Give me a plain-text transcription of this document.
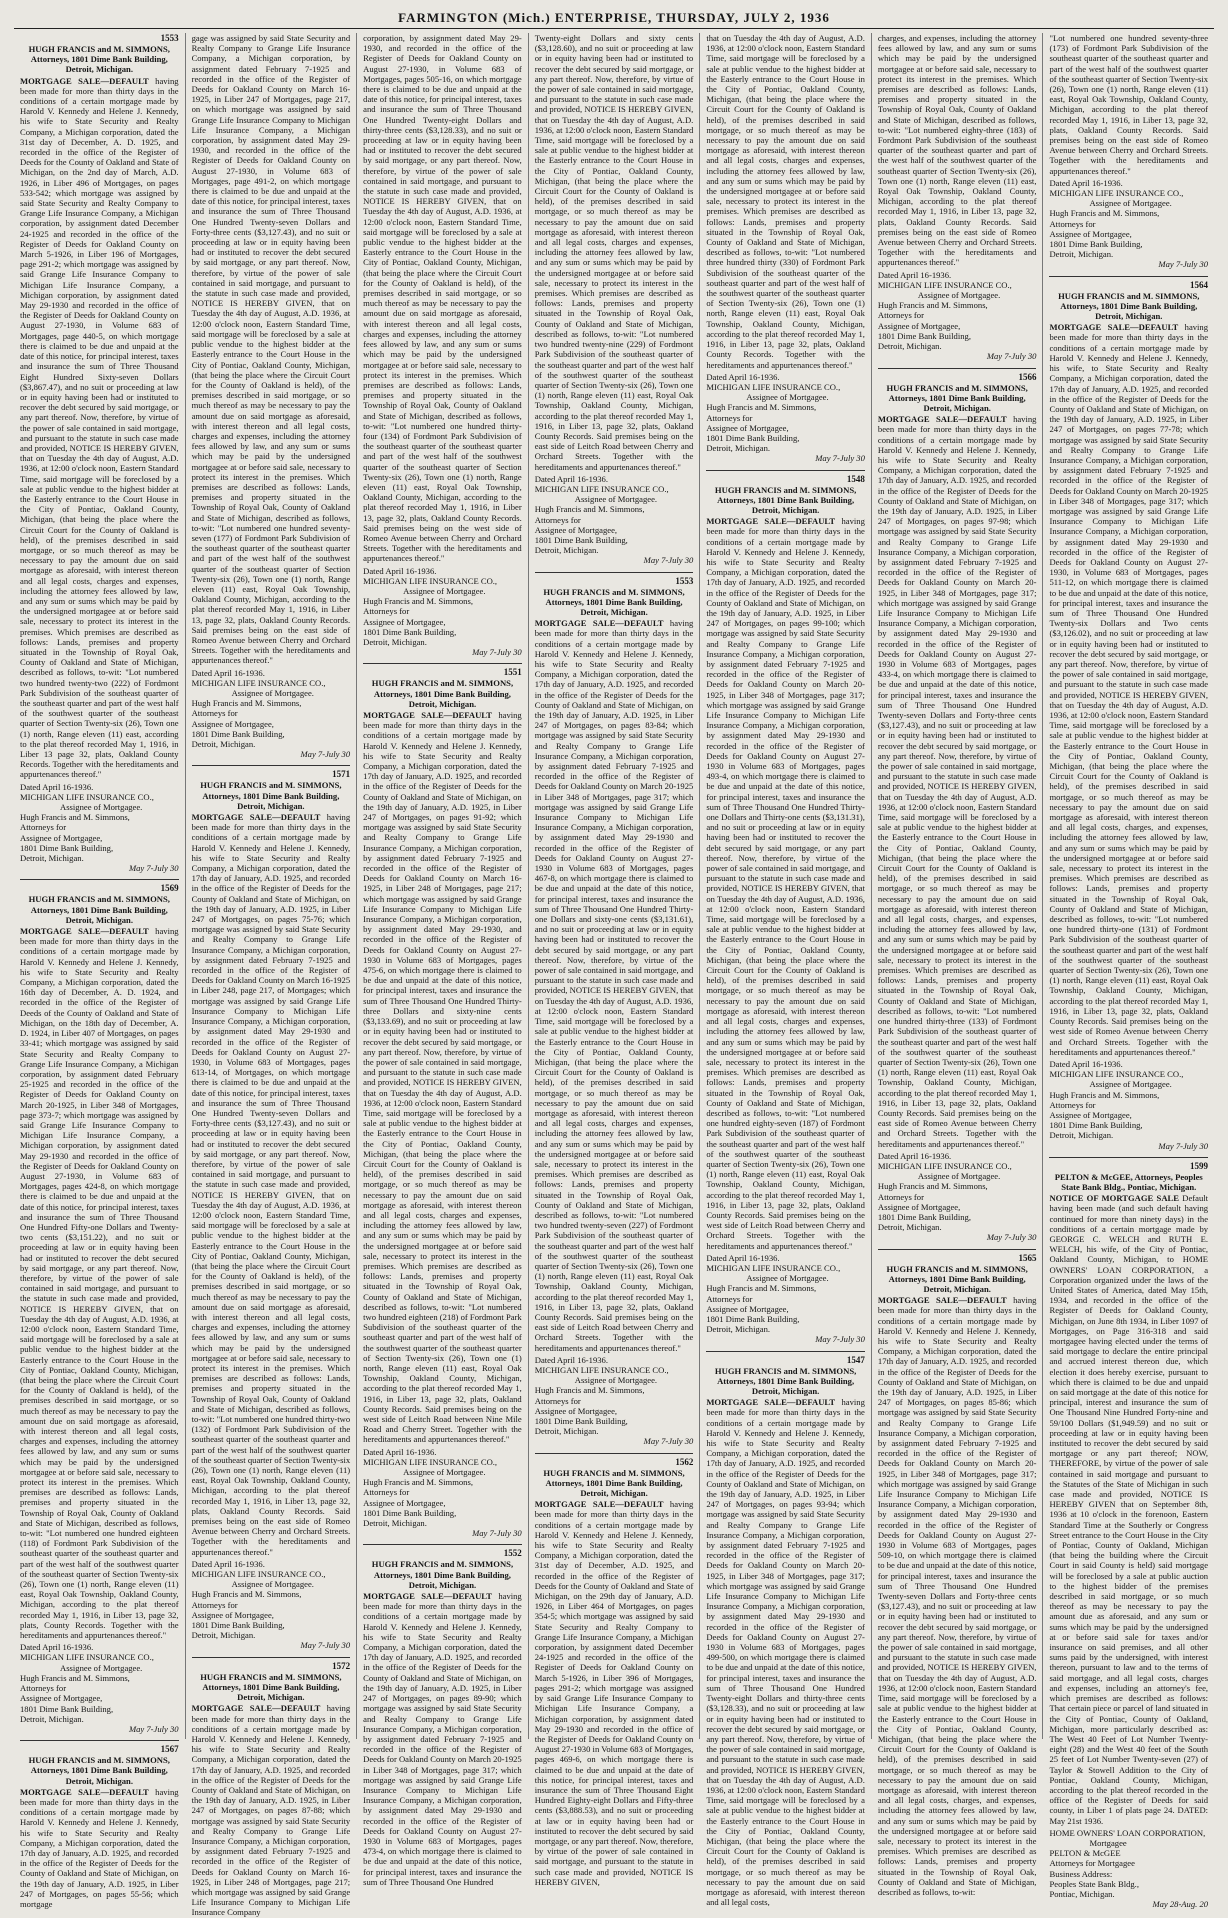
FARMINGTON (Mich.) ENTERPRISE, THURSDAY, JULY 2, 1936
1553
HUGH FRANCIS and M. SIMMONS, Attorneys, 1801 Dime Bank Building, Detroit, Michigan.

MORTGAGE SALE—DEFAULT having been made for more than thirty days in the conditions of a certain mortgage made by Harold V. Kennedy and Helene J. Kennedy, his wife to State Security and Realty Company, a Michigan corporation, dated the 31st day of December, A. D. 1925, and recorded in the office of the Register of Deeds for the County of Oakland and State of Michigan, on the 2nd day of March, A.D. 1926, in Liber 496 of Mortgages, on pages 533-542; which mortgage was assigned by said State Security and Realty Company to Grange Life Insurance Company, a Michigan corporation, by assignment dated December 24-1925 and recorded in the office of the Register of Deeds for Oakland County on March 5-1926, in Liber 196 of Mortgages, page 291-2; which mortgage was assigned by said Grange Life Insurance Company to Michigan Life Insurance Company, a Michigan corporation, by assignment dated May 29-1930 and recorded in the office of the Register of Deeds for Oakland County on August 27-1930, in Volume 683 of Mortgages, page 440-5, on which mortgage there is claimed to be due and unpaid at the date of this notice, for principal interest, taxes and insurance the sum of Three Thousand Eight Hundred Sixty-seven Dollars ($3,867.47), and no suit or proceeding at law or in equity having been had or instituted to recover the debt secured by said mortgage, or any part thereof. Now, therefore, by virtue of the power of sale contained in said mortgage, and pursuant to the statute in such case made and provided, NOTICE IS HEREBY GIVEN, that on Tuesday the 4th day of August, A.D. 1936, at 12:00 o'clock noon, Eastern Standard Time, said mortgage will be foreclosed by a sale at public vendue to the highest bidder at the Easterly entrance to the Court House in the City of Pontiac, Oakland County, Michigan, (that being the place where the Circuit Court for the County of Oakland is held), of the premises described in said mortgage, or so much thereof as may be necessary to pay the amount due on said mortgage as aforesaid, with interest thereon and all legal costs, charges and expenses, including the attorney fees allowed by law, and any sum or sums which may be paid by the undersigned mortgagee at or before said sale, necessary to protect its interest in the premises. Which premises are described as follows: Lands, premises and property situated in the Township of Royal Oak, County of Oakland and State of Michigan, described as follows, to-wit: "Lot numbered two hundred twenty-two (222) of Fordmont Park Subdivision of the southeast quarter of the southeast quarter and part of the west half of the southwest quarter of the southeast quarter of Section Twenty-six (26), Town one (1) north, Range eleven (11) east, according to the plat thereof recorded May 1, 1916, in Liber 13 page 32, plats, Oakland County Records. Together with the hereditaments and appurtenances thereof."

Dated April 16-1936.
MICHIGAN LIFE INSURANCE CO.,
Assignee of Mortgagee.
Hugh Francis and M. Simmons,
Attorneys for
Assignee of Mortgagee,
1801 Dime Bank Building,
Detroit, Michigan.
May 7-July 30
1569
HUGH FRANCIS and M. SIMMONS, Attorneys, 1801 Dime Bank Building, Detroit, Michigan.

MORTGAGE SALE—DEFAULT having been made for more than thirty days in the conditions of a certain mortgage made by Harold V. Kennedy and Helene J. Kennedy, his wife to State Security and Realty Company, a Michigan corporation, dated the 16th day of December, A. D. 1924, and recorded in the office of the Register of Deeds of the County of Oakland and State of Michigan, on the 18th day of December, A. D. 1924, in Liber 407 of Mortgages, on pages 33-41; which mortgage was assigned by said State Security and Realty Company to Grange Life Insurance Company, a Michigan corporation, by assignment dated February 25-1925 and recorded in the office of the Register of Deeds for Oakland County on March 20-1925, in Liber 348 of Mortgages, page 373-7; which mortgage was assigned by said Grange Life Insurance Company to Michigan Life Insurance Company, a Michigan corporation, by assignment dated May 29-1930 and recorded in the office of the Register of Deeds for Oakland County on August 27-1930, in Volume 683 of Mortgages, pages 424-8, on which mortgage there is claimed to be due and unpaid at the date of this notice, for principal interest, taxes and insurance the sum of Three Thousand One Hundred Fifty-one Dollars and Twenty-two cents ($3,151.22), and no suit or proceeding at law or in equity having been had or instituted to recover the debt secured by said mortgage, or any part thereof. Now, therefore, by virtue of the power of sale contained in said mortgage, and pursuant to the statute in such case made and provided, NOTICE IS HEREBY GIVEN, that on Tuesday the 4th day of August, A.D. 1936, at 12:00 o'clock noon, Eastern Standard Time, said mortgage will be foreclosed by a sale at public vendue to the highest bidder at the Easterly entrance to the Court House in the City of Pontiac, Oakland County, Michigan, (that being the place where the Circuit Court for the County of Oakland is held), of the premises described in said mortgage, or so much thereof as may be necessary to pay the amount due on said mortgage as aforesaid, with interest thereon and all legal costs, charges and expenses, including the attorney fees allowed by law, and any sum or sums which may be paid by the undersigned mortgagee at or before said sale, necessary to protect its interest in the premises. Which premises are described as follows: Lands, premises and property situated in the Township of Royal Oak, County of Oakland and State of Michigan, described as follows, to-wit: "Lot numbered one hundred eighteen (118) of Fordmont Park Subdivision of the southeast quarter of the southeast quarter and part of the west half of the southwest quarter of the southeast quarter of Section Twenty-six (26), Town one (1) north, Range eleven (11) east, Royal Oak Township, Oakland County, Michigan, according to the plat thereof recorded May 1, 1916, in Liber 13, page 32, plats, County Records. Together with the hereditaments and appurtenances thereof."

Dated April 16-1936.
MICHIGAN LIFE INSURANCE CO.,
Assignee of Mortgagee.
Hugh Francis and M. Simmons,
Attorneys for
Assignee of Mortgagee,
1801 Dime Bank Building,
Detroit, Michigan.
May 7-July 30
1567
HUGH FRANCIS and M. SIMMONS, Attorneys, 1801 Dime Bank Building, Detroit, Michigan.

MORTGAGE SALE—DEFAULT having been made for more than thirty days in the conditions of a certain mortgage made by Harold V. Kennedy and Helene J. Kennedy, his wife to State Security and Realty Company, a Michigan corporation, dated the 17th day of January, A.D. 1925, and recorded in the office of the Register of Deeds for the County of Oakland and State of Michigan, on the 19th day of January, A.D. 1925, in Liber 247 of Mortgages, on pages 55-56; which mortgage

gage was assigned by said State Security and Realty Company to Grange Life Insurance Company, a Michigan corporation, by assignment dated February 7-1925 and recorded in the office of the Register of Deeds for Oakland County on March 16-1925, in Liber 247 of Mortgages, page 217, on which mortgage was assigned by said Grange Life Insurance Company to Michigan Life Insurance Company, a Michigan corporation, by assignment dated May 29-1930, and recorded in the office of the Register of Deeds for Oakland County on August 27-1930, in Volume 683 of Mortgages, page 491-2, on which mortgage there is claimed to be due and unpaid at the date of this notice, for principal interest, taxes and insurance the sum of Three Thousand One Hundred Twenty-seven Dollars and Forty-three cents ($3,127.43), and no suit or proceeding at law or in equity having been had or instituted to recover the debt secured by said mortgage, or any part thereof. Now, therefore, by virtue of the power of sale contained in said mortgage, and pursuant to the statute in such case made and provided, NOTICE IS HEREBY GIVEN, that on Tuesday the 4th day of August, A.D. 1936, at 12:00 o'clock noon, Eastern Standard Time, said mortgage will be foreclosed by a sale at public vendue to the highest bidder at the Easterly entrance to the Court House in the City of Pontiac, Oakland County, Michigan, (that being the place where the Circuit Court for the County of Oakland is held), of the premises described in said mortgage, or so much thereof as may be necessary to pay the amount due on said mortgage as aforesaid, with interest thereon and all legal costs, charges and expenses, including the attorney fees allowed by law, and any sum or sums which may be paid by the undersigned mortgagee at or before said sale, necessary to protect its interest in the premises. Which premises are described as follows: Lands, premises and property situated in the Township of Royal Oak, County of Oakland and State of Michigan, described as follows, to-wit: "Lot numbered one hundred seventy-seven (177) of Fordmont Park Subdivision of the southeast quarter of the southeast quarter and part of the west half of the southwest quarter of the southeast quarter of Section Twenty-six (26), Town one (1) north, Range eleven (11) east, Royal Oak Township, Oakland County, Michigan, according to the plat thereof recorded May 1, 1916, in Liber 13, page 32, plats, Oakland County Records. Said premises being on the east side of Romeo Avenue between Cherry and Orchard Streets. Together with the hereditaments and appurtenances thereof."

Dated April 16-1936.
MICHIGAN LIFE INSURANCE CO.,
Assignee of Mortgagee.
Hugh Francis and M. Simmons,
Attorneys for
Assignee of Mortgagee,
1801 Dime Bank Building,
Detroit, Michigan.
May 7-July 30
1571
HUGH FRANCIS and M. SIMMONS, Attorneys, 1801 Dime Bank Building, Detroit, Michigan.

MORTGAGE SALE—DEFAULT having been made for more than thirty days in the conditions of a certain mortgage made by Harold V. Kennedy and Helene J. Kennedy, his wife to State Security and Realty Company, a Michigan corporation, dated the 17th day of January, A.D. 1925, and recorded in the office of the Register of Deeds for the County of Oakland and State of Michigan, on the 19th day of January, A.D. 1925, in Liber 247 of Mortgages, on pages 75-76; which mortgage was assigned by said State Security and Realty Company to Grange Life Insurance Company, a Michigan corporation, by assignment dated February 7-1925 and recorded in the office of the Register of Deeds for Oakland County on March 16-1925 in Liber 248, page 217, of Mortgages; which mortgage was assigned by said Grange Life Insurance Company to Michigan Life Insurance Company, a Michigan corporation, by assignment dated May 29-1930 and recorded in the office of the Register of Deeds for Oakland County on August 27-1930, in Volume 683 of Mortgages, pages 613-14, of Mortgages, on which mortgage there is claimed to be due and unpaid at the date of this notice, for principal interest, taxes and insurance the sum of Three Thousand One Hundred Twenty-seven Dollars and Forty-three cents ($3,127.43), and no suit or proceeding at law or in equity having been had or instituted to recover the debt secured by said mortgage, or any part thereof. Now, therefore, by virtue of the power of sale contained in said mortgage, and pursuant to the statute in such case made and provided, NOTICE IS HEREBY GIVEN, that on Tuesday the 4th day of August, A.D. 1936, at 12:00 o'clock noon, Eastern Standard Time, said mortgage will be foreclosed by a sale at public vendue to the highest bidder at the Easterly entrance to the Court House in the City of Pontiac, Oakland County, Michigan, (that being the place where the Circuit Court for the County of Oakland is held), of the premises described in said mortgage, or so much thereof as may be necessary to pay the amount due on said mortgage as aforesaid, with interest thereon and all legal costs, charges and expenses, including the attorney fees allowed by law, and any sum or sums which may be paid by the undersigned mortgagee at or before said sale, necessary to protect its interest in the premises. Which premises are described as follows: Lands, premises and property situated in the Township of Royal Oak, County of Oakland and State of Michigan, described as follows, to-wit: "Lot numbered one hundred thirty-two (132) of Fordmont Park Subdivision of the southeast quarter of the southeast quarter and part of the west half of the southwest quarter of the southeast quarter of Section Twenty-six (26), Town one (1) north, Range eleven (11) east, Royal Oak Township, Oakland County, Michigan, according to the plat thereof recorded May 1, 1916, in Liber 13, page 32, plats, Oakland County Records. Said premises being on the east side of Romeo Avenue between Cherry and Orchard Streets. Together with the hereditaments and appurtenances thereof."

Dated April 16-1936.
MICHIGAN LIFE INSURANCE CO.,
Assignee of Mortgagee.
Hugh Francis and M. Simmons,
Attorneys for
Assignee of Mortgagee,
1801 Dime Bank Building,
Detroit, Michigan.
May 7-July 30
1572
HUGH FRANCIS and M. SIMMONS, Attorneys, 1801 Dime Bank Building, Detroit, Michigan.

MORTGAGE SALE—DEFAULT having been made for more than thirty days in the conditions of a certain mortgage made by Harold V. Kennedy and Helene J. Kennedy, his wife to State Security and Realty Company, a Michigan corporation, dated the 17th day of January, A.D. 1925, and recorded in the office of the Register of Deeds for the County of Oakland and State of Michigan, on the 19th day of January, A.D. 1925, in Liber 247 of Mortgages, on pages 87-88; which mortgage was assigned by said State Security and Realty Company to Grange Life Insurance Company, a Michigan corporation, by assignment dated February 7-1925 and recorded in the office of the Register of Deeds for Oakland County on March 16-1925, in Liber 248 of Mortgages, page 217; which mortgage was assigned by said Grange Life Insurance Company to Michigan Life Insurance Company

corporation, by assignment dated May 29-1930, and recorded in the office of the Register of Deeds for Oakland County on August 27-1930, in Volume 683 of Mortgages, pages 505-16, on which mortgage there is claimed to be due and unpaid at the date of this notice, for principal interest, taxes and insurance the sum of Three Thousand One Hundred Twenty-eight Dollars and thirty-three cents ($3,128.33), and no suit or proceeding at law or in equity having been had or instituted to recover the debt secured by said mortgage, or any part thereof. Now, therefore, by virtue of the power of sale contained in said mortgage, and pursuant to the statute in such case made and provided, NOTICE IS HEREBY GIVEN, that on Tuesday the 4th day of August, A.D. 1936, at 12:00 o'clock noon, Eastern Standard Time, said mortgage will be foreclosed by a sale at public vendue to the highest bidder at the Easterly entrance to the Court House in the City of Pontiac, Oakland County, Michigan, (that being the place where the Circuit Court for the County of Oakland is held), of the premises described in said mortgage, or so much thereof as may be necessary to pay the amount due on said mortgage as aforesaid, with interest thereon and all legal costs, charges and expenses, including the attorney fees allowed by law, and any sum or sums which may be paid by the undersigned mortgagee at or before said sale, necessary to protect its interest in the premises. Which premises are described as follows: Lands, premises and property situated in the Township of Royal Oak, County of Oakland and State of Michigan, described as follows, to-wit: "Lot numbered one hundred thirty-four (134) of Fordmont Park Subdivision of the southeast quarter of the southeast quarter and part of the west half of the southwest quarter of the southeast quarter of Section Twenty-six (26), Town one (1) north, Range eleven (11) east, Royal Oak Township, Oakland County, Michigan, according to the plat thereof recorded May 1, 1916, in Liber 13, page 32, plats, Oakland County Records. Said premises being on the west side of Romeo Avenue between Cherry and Orchard Streets. Together with the hereditaments and appurtenances thereof."

Dated April 16-1936.
MICHIGAN LIFE INSURANCE CO.,
Assignee of Mortgagee.
Hugh Francis and M. Simmons,
Attorneys for
Assignee of Mortgagee,
1801 Dime Bank Building,
Detroit, Michigan.
May 7-July 30
1551
HUGH FRANCIS and M. SIMMONS, Attorneys, 1801 Dime Bank Building, Detroit, Michigan.

MORTGAGE SALE—DEFAULT having been made for more than thirty days in the conditions of a certain mortgage made by Harold V. Kennedy and Helene J. Kennedy, his wife to State Security and Realty Company, a Michigan corporation, dated the 17th day of January, A.D. 1925, and recorded in the office of the Register of Deeds for the County of Oakland and State of Michigan, on the 19th day of January, A.D. 1925, in Liber 247 of Mortgages, on pages 91-92; which mortgage was assigned by said State Security and Realty Company to Grange Life Insurance Company, a Michigan corporation, by assignment dated February 7-1925 and recorded in the office of the Register of Deeds for Oakland County on March 16-1925, in Liber 248 of Mortgages, page 217; which mortgage was assigned by said Grange Life Insurance Company to Michigan Life Insurance Company, a Michigan corporation, by assignment dated May 29-1930, and recorded in the office of the Register of Deeds for Oakland County on August 27-1930 in Volume 683 of Mortgages, pages 475-6, on which mortgage there is claimed to be due and unpaid at the date of this notice, for principal interest, taxes and insurance the sum of Three Thousand One Hundred Thirty-three Dollars and sixty-nine cents ($3,133.69), and no suit or proceeding at law or in equity having been had or instituted to recover the debt secured by said mortgage, or any part thereof. Now, therefore, by virtue of the power of sale contained in said mortgage, and pursuant to the statute in such case made and provided, NOTICE IS HEREBY GIVEN, that on Tuesday the 4th day of August, A.D. 1936, at 12:00 o'clock noon, Eastern Standard Time, said mortgage will be foreclosed by a sale at public vendue to the highest bidder at the Easterly entrance to the Court House in the City of Pontiac, Oakland County, Michigan, (that being the place where the Circuit Court for the County of Oakland is held), of the premises described in said mortgage, or so much thereof as may be necessary to pay the amount due on said mortgage as aforesaid, with interest thereon and all legal costs, charges and expenses, including the attorney fees allowed by law, and any sum or sums which may be paid by the undersigned mortgagee at or before said sale, necessary to protect its interest in the premises. Which premises are described as follows: Lands, premises and property situated in the Township of Royal Oak, County of Oakland and State of Michigan, described as follows, to-wit: "Lot numbered two hundred eighteen (218) of Fordmont Park Subdivision of the southeast quarter of the southeast quarter and part of the west half of the southwest quarter of the southeast quarter of Section Twenty-six (26), Town one (1) north, Range eleven (11) east, Royal Oak Township, Oakland County, Michigan, according to the plat thereof recorded May 1, 1916, in Liber 13, page 32, plats, Oakland County Records. Said premises being on the west side of Leitch Road between Nine Mile Road and Cherry Street. Together with the hereditaments and appurtenances thereof."

Dated April 16-1936.
MICHIGAN LIFE INSURANCE CO.,
Assignee of Mortgagee.
Hugh Francis and M. Simmons,
Attorneys for
Assignee of Mortgagee,
1801 Dime Bank Building,
Detroit, Michigan.
May 7-July 30
1552
HUGH FRANCIS and M. SIMMONS, Attorneys, 1801 Dime Bank Building, Detroit, Michigan.

MORTGAGE SALE—DEFAULT having been made for more than thirty days in the conditions of a certain mortgage made by Harold V. Kennedy and Helene J. Kennedy, his wife to State Security and Realty Company, a Michigan corporation, dated the 17th day of January, A.D. 1925, and recorded in the office of the Register of Deeds for the County of Oakland and State of Michigan, on the 19th day of January, A.D. 1925, in Liber 247 of Mortgages, on pages 89-90; which mortgage was assigned by said State Security and Realty Company to Grange Life Insurance Company, a Michigan corporation, by assignment dated February 7-1925 and recorded in the office of the Register of Deeds for Oakland County on March 20-1925 in Liber 348 of Mortgages, page 317; which mortgage was assigned by said Grange Life Insurance Company to Michigan Life Insurance Company, a Michigan corporation, by assignment dated May 29-1930 and recorded in the office of the Register of Deeds for Oakland County on August 27-1930 in Volume 683 of Mortgages, pages 473-4, on which mortgage there is claimed to be due and unpaid at the date of this notice, for principal interest, taxes and insurance the sum of Three Thousand One Hundred

Twenty-eight Dollars and sixty cents ($3,128.60), and no suit or proceeding at law or in equity having been had or instituted to recover the debt secured by said mortgage, or any part thereof. Now, therefore, by virtue of the power of sale contained in said mortgage, and pursuant to the statute in such case made and provided, NOTICE IS HEREBY GIVEN, that on Tuesday the 4th day of August, A.D. 1936, at 12:00 o'clock noon, Eastern Standard Time, said mortgage will be foreclosed by a sale at public vendue to the highest bidder at the Easterly entrance to the Court House in the City of Pontiac, Oakland County, Michigan, (that being the place where the Circuit Court for the County of Oakland is held), of the premises described in said mortgage, or so much thereof as may be necessary to pay the amount due on said mortgage as aforesaid, with interest thereon and all legal costs, charges and expenses, including the attorney fees allowed by law, and any sum or sums which may be paid by the undersigned mortgagee at or before said sale, necessary to protect its interest in the premises. Which premises are described as follows: Lands, premises and property situated in the Township of Royal Oak, County of Oakland and State of Michigan, described as follows, to-wit: "Lot numbered two hundred twenty-nine (229) of Fordmont Park Subdivision of the southeast quarter of the southeast quarter and part of the west half of the southwest quarter of the southeast quarter of Section Twenty-six (26), Town one (1) north, Range eleven (11) east, Royal Oak Township, Oakland County, Michigan, according to the plat thereof recorded May 1, 1916, in Liber 13, page 32, plats, Oakland County Records. Said premises being on the east side of Leitch Road between Cherry and Orchard Streets. Together with the hereditaments and appurtenances thereof."

Dated April 16-1936.
MICHIGAN LIFE INSURANCE CO.,
Assignee of Mortgagee.
Hugh Francis and M. Simmons,
Attorneys for
Assignee of Mortgagee,
1801 Dime Bank Building,
Detroit, Michigan.
May 7-July 30
1553
HUGH FRANCIS and M. SIMMONS, Attorneys, 1801 Dime Bank Building, Detroit, Michigan.

MORTGAGE SALE—DEFAULT having been made for more than thirty days in the conditions of a certain mortgage made by Harold V. Kennedy and Helene J. Kennedy, his wife to State Security and Realty Company, a Michigan corporation, dated the 17th day of January, A.D. 1925, and recorded in the office of the Register of Deeds for the County of Oakland and State of Michigan, on the 19th day of January, A.D. 1925, in Liber 247 of Mortgages, on pages 83-84; which mortgage was assigned by said State Security and Realty Company to Grange Life Insurance Company, a Michigan corporation, by assignment dated February 7-1925 and recorded in the office of the Register of Deeds for Oakland County on March 20-1925 in Liber 348 of Mortgages, page 317; which mortgage was assigned by said Grange Life Insurance Company to Michigan Life Insurance Company, a Michigan corporation, by assignment dated May 29-1930 and recorded in the office of the Register of Deeds for Oakland County on August 27-1930 in Volume 683 of Mortgages, pages 467-8, on which mortgage there is claimed to be due and unpaid at the date of this notice, for principal interest, taxes and insurance the sum of Three Thousand One Hundred Thirty-one Dollars and sixty-one cents ($3,131.61), and no suit or proceeding at law or in equity having been had or instituted to recover the debt secured by said mortgage, or any part thereof. Now, therefore, by virtue of the power of sale contained in said mortgage, and pursuant to the statute in such case made and provided, NOTICE IS HEREBY GIVEN, that on Tuesday the 4th day of August, A.D. 1936, at 12:00 o'clock noon, Eastern Standard Time, said mortgage will be foreclosed by a sale at public vendue to the highest bidder at the Easterly entrance to the Court House in the City of Pontiac, Oakland County, Michigan, (that being the place where the Circuit Court for the County of Oakland is held), of the premises described in said mortgage, or so much thereof as may be necessary to pay the amount due on said mortgage as aforesaid, with interest thereon and all legal costs, charges and expenses, including the attorney fees allowed by law, and any sum or sums which may be paid by the undersigned mortgagee at or before said sale, necessary to protect its interest in the premises. Which premises are described as follows: Lands, premises and property situated in the Township of Royal Oak, County of Oakland and State of Michigan, described as follows, to-wit: "Lot numbered two hundred twenty-seven (227) of Fordmont Park Subdivision of the southeast quarter of the southeast quarter and part of the west half of the southwest quarter of the southeast quarter of Section Twenty-six (26), Town one (1) north, Range eleven (11) east, Royal Oak Township, Oakland County, Michigan, according to the plat thereof recorded May 1, 1916, in Liber 13, page 32, plats, Oakland County Records. Said premises being on the east side of Leitch Road between Cherry and Orchard Streets. Together with the hereditaments and appurtenances thereof."

Dated April 16-1936.
MICHIGAN LIFE INSURANCE CO.,
Assignee of Mortgagee.
Hugh Francis and M. Simmons,
Attorneys for
Assignee of Mortgagee,
1801 Dime Bank Building,
Detroit, Michigan.
May 7-July 30
1562
HUGH FRANCIS and M. SIMMONS, Attorneys, 1801 Dime Bank Building, Detroit, Michigan.

MORTGAGE SALE—DEFAULT having been made for more than thirty days in the conditions of a certain mortgage made by Harold V. Kennedy and Helene J. Kennedy, his wife to State Security and Realty Company, a Michigan corporation, dated the 31st day of December, A.D. 1925, and recorded in the office of the Register of Deeds for the County of Oakland and State of Michigan, on the 29th day of January, A.D. 1926, in Liber 464 of Mortgages, on pages 354-5; which mortgage was assigned by said State Security and Realty Company to Grange Life Insurance Company, a Michigan corporation, by assignment dated December 24-1925 and recorded in the office of the Register of Deeds for Oakland County on March 5-1926, in Liber 396 of Mortgages, pages 291-2; which mortgage was assigned by said Grange Life Insurance Company to Michigan Life Insurance Company, a Michigan corporation, by assignment dated May 29-1930 and recorded in the office of the Register of Deeds for Oakland County on August 27-1930 in Volume 683 of Mortgages, pages 469-6, on which mortgage there is claimed to be due and unpaid at the date of this notice, for principal interest, taxes and insurance the sum of Three Thousand Eight Hundred Eighty-eight Dollars and Fifty-three cents ($3,888.53), and no suit or proceeding at law or in equity having been had or instituted to recover the debt secured by said mortgage, or any part thereof. Now, therefore, by virtue of the power of sale contained in said mortgage, and pursuant to the statute in such case made and provided, NOTICE IS HEREBY GIVEN,

that on Tuesday the 4th day of August, A.D. 1936, at 12:00 o'clock noon, Eastern Standard Time, said mortgage will be foreclosed by a sale at public vendue to the highest bidder at the Easterly entrance to the Court House in the City of Pontiac, Oakland County, Michigan, (that being the place where the Circuit Court for the County of Oakland is held), of the premises described in said mortgage, or so much thereof as may be necessary to pay the amount due on said mortgage as aforesaid, with interest thereon and all legal costs, charges and expenses, including the attorney fees allowed by law, and any sum or sums which may be paid by the undersigned mortgagee at or before said sale, necessary to protect its interest in the premises. Which premises are described as follows: Lands, premises and property situated in the Township of Royal Oak, County of Oakland and State of Michigan, described as follows, to-wit: "Lot numbered three hundred thirty (330) of Fordmont Park Subdivision of the southeast quarter of the southeast quarter and part of the west half of the southwest quarter of the southeast quarter of Section Twenty-six (26), Town one (1) north, Range eleven (11) east, Royal Oak Township, Oakland County, Michigan, according to the plat thereof recorded May 1, 1916, in Liber 13, page 32, plats, Oakland County Records. Together with the hereditaments and appurtenances thereof."

Dated April 16-1936.
MICHIGAN LIFE INSURANCE CO.,
Assignee of Mortgagee.
Hugh Francis and M. Simmons,
Attorneys for
Assignee of Mortgagee,
1801 Dime Bank Building,
Detroit, Michigan.
May 7-July 30
1548
HUGH FRANCIS and M. SIMMONS, Attorneys, 1801 Dime Bank Building, Detroit, Michigan.

MORTGAGE SALE—DEFAULT having been made for more than thirty days in the conditions of a certain mortgage made by Harold V. Kennedy and Helene J. Kennedy, his wife to State Security and Realty Company, a Michigan corporation, dated the 17th day of January, A.D. 1925, and recorded in the office of the Register of Deeds for the County of Oakland and State of Michigan, on the 19th day of January, A.D. 1925, in Liber 247 of Mortgages, on pages 99-100; which mortgage was assigned by said State Security and Realty Company to Grange Life Insurance Company, a Michigan corporation, by assignment dated February 7-1925 and recorded in the office of the Register of Deeds for Oakland County on March 20-1925, in Liber 348 of Mortgages, page 317; which mortgage was assigned by said Grange Life Insurance Company to Michigan Life Insurance Company, a Michigan corporation, by assignment dated May 29-1930 and recorded in the office of the Register of Deeds for Oakland County on August 27-1930 in Volume 683 of Mortgages, pages 493-4, on which mortgage there is claimed to be due and unpaid at the date of this notice, for principal interest, taxes and insurance the sum of Three Thousand One Hundred Thirty-one Dollars and Thirty-one cents ($3,131.31), and no suit or proceeding at law or in equity having been had or instituted to recover the debt secured by said mortgage, or any part thereof. Now, therefore, by virtue of the power of sale contained in said mortgage, and pursuant to the statute in such case made and provided, NOTICE IS HEREBY GIVEN, that on Tuesday the 4th day of August, A.D. 1936, at 12:00 o'clock noon, Eastern Standard Time, said mortgage will be foreclosed by a sale at public vendue to the highest bidder at the Easterly entrance to the Court House in the City of Pontiac, Oakland County, Michigan, (that being the place where the Circuit Court for the County of Oakland is held), of the premises described in said mortgage, or so much thereof as may be necessary to pay the amount due on said mortgage as aforesaid, with interest thereon and all legal costs, charges and expenses, including the attorney fees allowed by law, and any sum or sums which may be paid by the undersigned mortgagee at or before said sale, necessary to protect its interest in the premises. Which premises are described as follows: Lands, premises and property situated in the Township of Royal Oak, County of Oakland and State of Michigan, described as follows, to-wit: "Lot numbered one hundred eighty-seven (187) of Fordmont Park Subdivision of the southeast quarter of the southeast quarter and part of the west half of the southwest quarter of the southeast quarter of Section Twenty-six (26), Town one (1) north, Range eleven (11) east, Royal Oak Township, Oakland County, Michigan, according to the plat thereof recorded May 1, 1916, in Liber 13, page 32, plats, Oakland County Records. Said premises being on the west side of Leitch Road between Cherry and Orchard Streets. Together with the hereditaments and appurtenances thereof."

Dated April 16-1936.
MICHIGAN LIFE INSURANCE CO.,
Assignee of Mortgagee.
Hugh Francis and M. Simmons,
Attorneys for
Assignee of Mortgagee,
1801 Dime Bank Building,
Detroit, Michigan.
May 7-July 30
1547
HUGH FRANCIS and M. SIMMONS, Attorneys, 1801 Dime Bank Building, Detroit, Michigan.

MORTGAGE SALE—DEFAULT having been made for more than thirty days in the conditions of a certain mortgage made by Harold V. Kennedy and Helene J. Kennedy, his wife to State Security and Realty Company, a Michigan corporation, dated the 17th day of January, A.D. 1925, and recorded in the office of the Register of Deeds for the County of Oakland and State of Michigan, on the 19th day of January, A.D. 1925, in Liber 247 of Mortgages, on pages 93-94; which mortgage was assigned by said State Security and Realty Company to Grange Life Insurance Company, a Michigan corporation, by assignment dated February 7-1925 and recorded in the office of the Register of Deeds for Oakland County on March 20-1925, in Liber 348 of Mortgages, page 317; which mortgage was assigned by said Grange Life Insurance Company to Michigan Life Insurance Company, a Michigan corporation, by assignment dated May 29-1930 and recorded in the office of the Register of Deeds for Oakland County on August 27-1930 in Volume 683 of Mortgages, pages 499-500, on which mortgage there is claimed to be due and unpaid at the date of this notice, for principal interest, taxes and insurance the sum of Three Thousand One Hundred Twenty-eight Dollars and thirty-three cents ($3,128.33), and no suit or proceeding at law or in equity having been had or instituted to recover the debt secured by said mortgage, or any part thereof. Now, therefore, by virtue of the power of sale contained in said mortgage, and pursuant to the statute in such case made and provided, NOTICE IS HEREBY GIVEN, that on Tuesday the 4th day of August, A.D. 1936, at 12:00 o'clock noon, Eastern Standard Time, said mortgage will be foreclosed by a sale at public vendue to the highest bidder at the Easterly entrance to the Court House in the City of Pontiac, Oakland County, Michigan, (that being the place where the Circuit Court for the County of Oakland is held), of the premises described in said mortgage, or so much thereof as may be necessary to pay the amount due on said mortgage as aforesaid, with interest thereon and all legal costs,

charges, and expenses, including the attorney fees allowed by law, and any sum or sums which may be paid by the undersigned mortgagee at or before said sale, necessary to protect its interest in the premises. Which premises are described as follows: Lands, premises and property situated in the Township of Royal Oak, County of Oakland and State of Michigan, described as follows, to-wit: "Lot numbered eighty-three (183) of Fordmont Park Subdivision of the southeast quarter of the southeast quarter and part of the west half of the southwest quarter of the southeast quarter of Section Twenty-six (26), Town one (1) north, Range eleven (11) east, Royal Oak Township, Oakland County, Michigan, according to the plat thereof recorded May 1, 1916, in Liber 13, page 32, plats, Oakland County Records. Said premises being on the east side of Romeo Avenue between Cherry and Orchard Streets. Together with the hereditaments and appurtenances thereof."

Dated April 16-1936.
MICHIGAN LIFE INSURANCE CO.,
Assignee of Mortgagee.
Hugh Francis and M. Simmons,
Attorneys for
Assignee of Mortgagee,
1801 Dime Bank Building,
Detroit, Michigan.
May 7-July 30
1566
HUGH FRANCIS and M. SIMMONS, Attorneys, 1801 Dime Bank Building, Detroit, Michigan.

MORTGAGE SALE—DEFAULT having been made for more than thirty days in the conditions of a certain mortgage made by Harold V. Kennedy and Helene J. Kennedy, his wife to State Security and Realty Company, a Michigan corporation, dated the 17th day of January, A.D. 1925, and recorded in the office of the Register of Deeds for the County of Oakland and State of Michigan, on the 19th day of January, A.D. 1925, in Liber 247 of Mortgages, on pages 97-98; which mortgage was assigned by said State Security and Realty Company to Grange Life Insurance Company, a Michigan corporation, by assignment dated February 7-1925 and recorded in the office of the Register of Deeds for Oakland County on March 20-1925, in Liber 348 of Mortgages, page 317; which mortgage was assigned by said Grange Life Insurance Company to Michigan Life Insurance Company, a Michigan corporation, by assignment dated May 29-1930 and recorded in the office of the Register of Deeds for Oakland County on August 27-1930 in Volume 683 of Mortgages, pages 433-4, on which mortgage there is claimed to be due and unpaid at the date of this notice, for principal interest, taxes and insurance the sum of Three Thousand One Hundred Twenty-seven Dollars and Forty-three cents ($3,127.43), and no suit or proceeding at law or in equity having been had or instituted to recover the debt secured by said mortgage, or any part thereof. Now, therefore, by virtue of the power of sale contained in said mortgage, and pursuant to the statute in such case made and provided, NOTICE IS HEREBY GIVEN, that on Tuesday the 4th day of August, A.D. 1936, at 12:00 o'clock noon, Eastern Standard Time, said mortgage will be foreclosed by a sale at public vendue to the highest bidder at the Easterly entrance to the Court House in the City of Pontiac, Oakland County, Michigan, (that being the place where the Circuit Court for the County of Oakland is held), of the premises described in said mortgage, or so much thereof as may be necessary to pay the amount due on said mortgage as aforesaid, with interest thereon and all legal costs, charges, and expenses, including the attorney fees allowed by law, and any sum or sums which may be paid by the undersigned mortgagee at or before said sale, necessary to protect its interest in the premises. Which premises are described as follows: Lands, premises and property situated in the Township of Royal Oak, County of Oakland and State of Michigan, described as follows, to-wit: "Lot numbered one hundred thirty-three (133) of Fordmont Park Subdivision of the southeast quarter of the southeast quarter and part of the west half of the southwest quarter of the southeast quarter of Section Twenty-six (26), Town one (1) north, Range eleven (11) east, Royal Oak Township, Oakland County, Michigan, according to the plat thereof recorded May 1, 1916, in Liber 13, page 32, plats, Oakland County Records. Said premises being on the east side of Romeo Avenue between Cherry and Orchard Streets. Together with the hereditaments and appurtenances thereof."

Dated April 16-1936.
MICHIGAN LIFE INSURANCE CO.,
Assignee of Mortgagee.
Hugh Francis and M. Simmons,
Attorneys for
Assignee of Mortgagee,
1801 Dime Bank Building,
Detroit, Michigan.
May 7-July 30
1565
HUGH FRANCIS and M. SIMMONS, Attorneys, 1801 Dime Bank Building, Detroit, Michigan.

MORTGAGE SALE—DEFAULT having been made for more than thirty days in the conditions of a certain mortgage made by Harold V. Kennedy and Helene J. Kennedy, his wife to State Security and Realty Company, a Michigan corporation, dated the 17th day of January, A.D. 1925, and recorded in the office of the Register of Deeds for the County of Oakland and State of Michigan, on the 19th day of January, A.D. 1925, in Liber 247 of Mortgages, on pages 85-86; which mortgage was assigned by said State Security and Realty Company to Grange Life Insurance Company, a Michigan corporation, by assignment dated February 7-1925 and recorded in the office of the Register of Deeds for Oakland County on March 20-1925, in Liber 348 of Mortgages, page 317; which mortgage was assigned by said Grange Life Insurance Company to Michigan Life Insurance Company, a Michigan corporation, by assignment dated May 29-1930 and recorded in the office of the Register of Deeds for Oakland County on August 27-1930 in Volume 683 of Mortgages, pages 509-10, on which mortgage there is claimed to be due and unpaid at the date of this notice, for principal interest, taxes and insurance the sum of Three Thousand One Hundred Twenty-seven Dollars and Forty-three cents ($3,127.43), and no suit or proceeding at law or in equity having been had or instituted to recover the debt secured by said mortgage, or any part thereof. Now, therefore, by virtue of the power of sale contained in said mortgage, and pursuant to the statute in such case made and provided, NOTICE IS HEREBY GIVEN, that on Tuesday the 4th day of August, A.D. 1936, at 12:00 o'clock noon, Eastern Standard Time, said mortgage will be foreclosed by a sale at public vendue to the highest bidder at the Easterly entrance to the Court House in the City of Pontiac, Oakland County, Michigan, (that being the place where the Circuit Court for the County of Oakland is held), of the premises described in said mortgage, or so much thereof as may be necessary to pay the amount due on said mortgage as aforesaid, with interest thereon and all legal costs, charges, and expenses, including the attorney fees allowed by law, and any sum or sums which may be paid by the undersigned mortgagee at or before said sale, necessary to protect its interest in the premises. Which premises are described as follows: Lands, premises and property situated in the Township of Royal Oak, County of Oakland and State of Michigan, described as follows, to-wit:

"Lot numbered one hundred seventy-three (173) of Fordmont Park Subdivision of the southeast quarter of the southeast quarter and part of the west half of the southwest quarter of the southeast quarter of Section Twenty-six (26), Town one (1) north, Range eleven (11) east, Royal Oak Township, Oakland County, Michigan, according to the plat thereof recorded May 1, 1916, in Liber 13, page 32, plats, Oakland County Records. Said premises being on the east side of Romeo Avenue between Cherry and Orchard Streets. Together with the hereditaments and appurtenances thereof."

Dated April 16-1936.
MICHIGAN LIFE INSURANCE CO.,
Assignee of Mortgagee.
Hugh Francis and M. Simmons,
Attorneys for
Assignee of Mortgagee,
1801 Dime Bank Building,
Detroit, Michigan.
May 7-July 30
1564
HUGH FRANCIS and M. SIMMONS, Attorneys, 1801 Dime Bank Building, Detroit, Michigan.

MORTGAGE SALE—DEFAULT having been made for more than thirty days in the conditions of a certain mortgage made by Harold V. Kennedy and Helene J. Kennedy, his wife, to State Security and Realty Company, a Michigan corporation, dated the 17th day of January, A.D. 1925, and recorded in the office of the Register of Deeds for the County of Oakland and State of Michigan, on the 19th day of January, A.D. 1925, in Liber 247 of Mortgages, on pages 77-78; which mortgage was assigned by said State Security and Realty Company to Grange Life Insurance Company, a Michigan corporation, by assignment dated February 7-1925 and recorded in the office of the Register of Deeds for Oakland County on March 20-1925 in Liber 348 of Mortgages, page 317; which mortgage was assigned by said Grange Life Insurance Company to Michigan Life Insurance Company, a Michigan corporation, by assignment dated May 29-1930 and recorded in the office of the Register of Deeds for Oakland County on August 27-1930, in Volume 683 of Mortgages, pages 511-12, on which mortgage there is claimed to be due and unpaid at the date of this notice, for principal interest, taxes and insurance the sum of Three Thousand One Hundred Twenty-six Dollars and Two cents ($3,126.02), and no suit or proceeding at law or in equity having been had or instituted to recover the debt secured by said mortgage, or any part thereof. Now, therefore, by virtue of the power of sale contained in said mortgage, and pursuant to the statute in such case made and provided, NOTICE IS HEREBY GIVEN, that on Tuesday the 4th day of August, A.D. 1936, at 12:00 o'clock noon, Eastern Standard Time, said mortgage will be foreclosed by a sale at public vendue to the highest bidder at the Easterly entrance to the Court House in the City of Pontiac, Oakland County, Michigan, (that being the place where the Circuit Court for the County of Oakland is held), of the premises described in said mortgage, or so much thereof as may be necessary to pay the amount due on said mortgage as aforesaid, with interest thereon and all legal costs, charges, and expenses, including the attorney fees allowed by law, and any sum or sums which may be paid by the undersigned mortgagee at or before said sale, necessary to protect its interest in the premises. Which premises are described as follows: Lands, premises and property situated in the Township of Royal Oak, County of Oakland and State of Michigan, described as follows, to-wit: "Lot numbered one hundred thirty-one (131) of Fordmont Park Subdivision of the southeast quarter of the southeast quarter and part of the west half of the southwest quarter of the southeast quarter of Section Twenty-six (26), Town one (1) north, Range eleven (11) east, Royal Oak Township, Oakland County, Michigan, according to the plat thereof recorded May 1, 1916, in Liber 13, page 32, plats, Oakland County Records. Said premises being on the west side of Romeo Avenue between Cherry and Orchard Streets. Together with the hereditaments and appurtenances thereof."

Dated April 16-1936.
MICHIGAN LIFE INSURANCE CO.,
Assignee of Mortgagee.
Hugh Francis and M. Simmons,
Attorneys for
Assignee of Mortgagee,
1801 Dime Bank Building,
Detroit, Michigan.
May 7-July 30
1599
PELTON & McGEE, Attorneys, Peoples State Bank Bldg., Pontiac, Michigan.

NOTICE OF MORTGAGE SALE Default having been made (and such default having continued for more than ninety days) in the conditions of a certain mortgage made by GEORGE C. WELCH and RUTH E. WELCH, his wife, of the City of Pontiac, Oakland County, Michigan, to HOME OWNERS' LOAN CORPORATION, a Corporation organized under the laws of the United States of America, dated May 15th, 1934, and recorded in the office of the Register of Deeds for Oakland County, Michigan, on June 8th 1934, in Liber 1097 of Mortgages, on Page 316-318 and said mortgagee having elected under the terms of said mortgage to declare the entire principal and accrued interest thereon due, which election it does hereby exercise, pursuant to which there is claimed to be due and unpaid on said mortgage at the date of this notice for principal, interest and insurance the sum of One Thousand Nine Hundred Forty-nine and 59/100 Dollars ($1,949.59) and no suit or proceeding at law or in equity having been instituted to recover the debt secured by said mortgage or any part thereof; NOW, THEREFORE, by virtue of the power of sale contained in said mortgage and pursuant to the Statutes of the State of Michigan in such case made and provided, NOTICE IS HEREBY GIVEN that on September 8th, 1936 at 10 o'clock in the forenoon, Eastern Standard Time at the Southerly or Congress Street entrance to the Court House in the City of Pontiac, County of Oakland, Michigan (that being the building where the Circuit Court in said County is held) said mortgage will be foreclosed by a sale at public auction to the highest bidder of the premises described in said mortgage, or so much thereof as may be necessary to pay the amount due as aforesaid, and any sum or sums which may be paid by the undersigned at or before said sale for taxes and/or insurance on said premises, and all other sums paid by the undersigned, with interest thereon, pursuant to law and to the terms of said mortgage, and all legal costs, charges and expenses, including an attorney's fee, which premises are described as follows: That certain piece or parcel of land situated in the City of Pontiac, County of Oakland, Michigan, more particularly described as: The West 40 Feet of Lot Number Twenty-eight (28) and the West 40 feet of the South 25 feet of Lot Number Twenty-seven (27) of Taylor & Stowell Addition to the City of Pontiac, Oakland County, Michigan, according to the plat thereof recorded in the office of the Register of Deeds for said county, in Liber 1 of plats page 24. DATED: May 21st 1936.

HOME OWNERS' LOAN CORPORATION,
Mortgagee
PELTON & McGEE
Attorneys for Mortgagee
Business Address:
Peoples State Bank Bldg.,
Pontiac, Michigan.
May 28-Aug. 20
